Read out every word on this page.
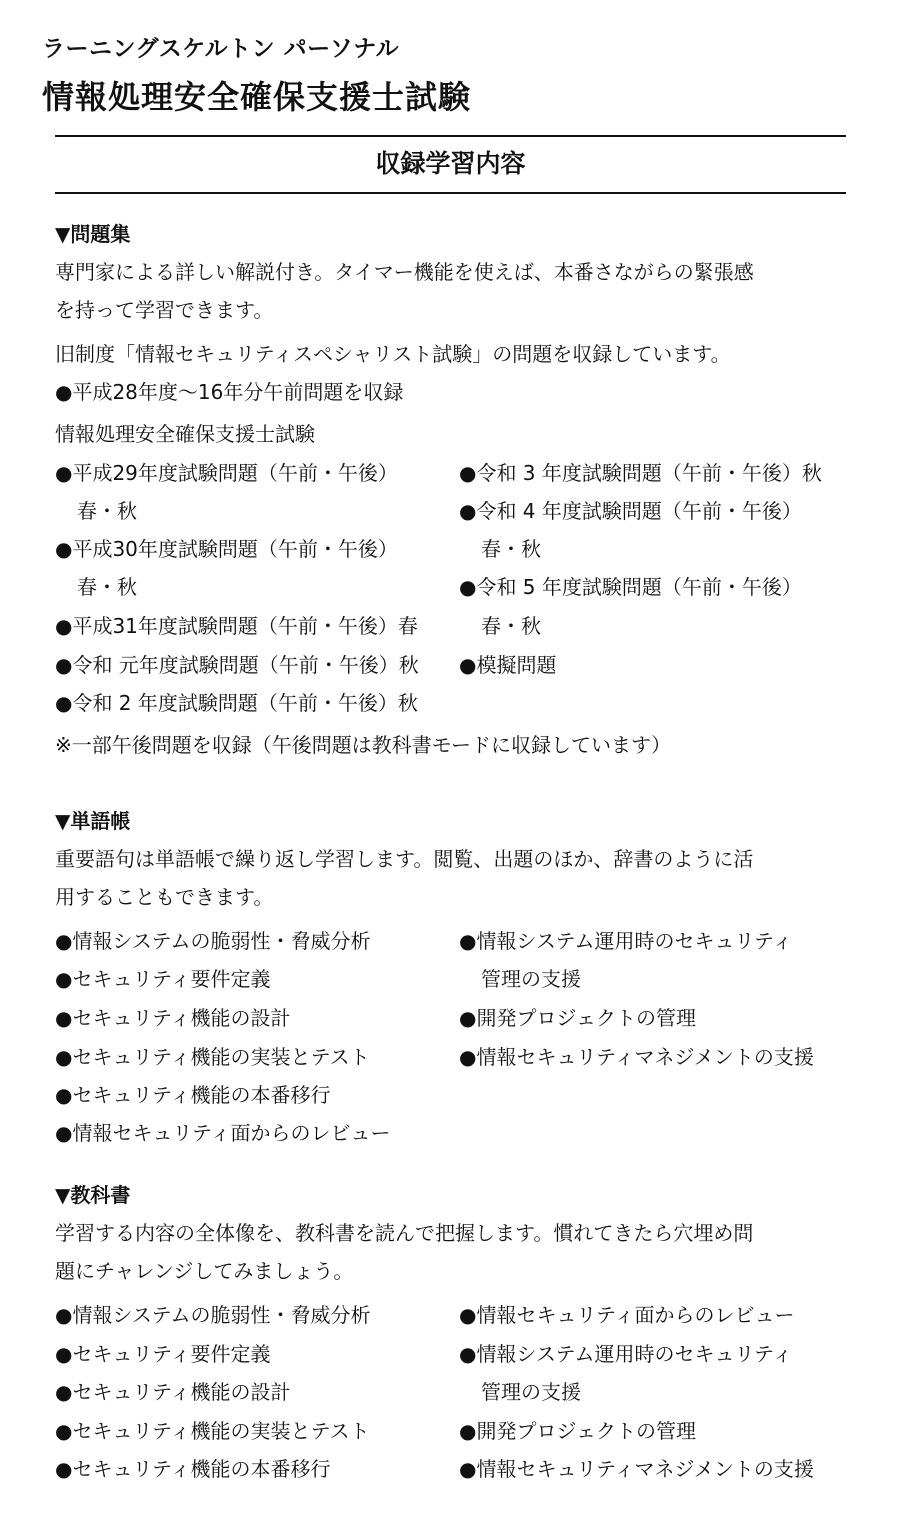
ラーニングスケルトン パーソナル
情報処理安全確保支援士試験
収録学習内容
▼問題集
専門家による詳しい解説付き。タイマー機能を使えば、本番さながらの緊張感
を持って学習できます。
旧制度「情報セキュリティスペシャリスト試験」の問題を収録しています。
●平成28年度～16年分午前問題を収録
情報処理安全確保支援士試験
●平成29年度試験問題（午前・午後）
春・秋
●平成30年度試験問題（午前・午後）
春・秋
●平成31年度試験問題（午前・午後）春
●令和 元年度試験問題（午前・午後）秋
●令和 2 年度試験問題（午前・午後）秋
●令和 3 年度試験問題（午前・午後）秋
●令和 4 年度試験問題（午前・午後）
春・秋
●令和 5 年度試験問題（午前・午後）
春・秋
●模擬問題
※一部午後問題を収録（午後問題は教科書モードに収録しています）
▼単語帳
重要語句は単語帳で繰り返し学習します。閲覧、出題のほか、辞書のように活
用することもできます。
●情報システムの脆弱性・脅威分析
●セキュリティ要件定義
●セキュリティ機能の設計
●セキュリティ機能の実装とテスト
●セキュリティ機能の本番移行
●情報セキュリティ面からのレビュー
●情報システム運用時のセキュリティ
管理の支援
●開発プロジェクトの管理
●情報セキュリティマネジメントの支援
▼教科書
学習する内容の全体像を、教科書を読んで把握します。慣れてきたら穴埋め問
題にチャレンジしてみましょう。
●情報システムの脆弱性・脅威分析
●セキュリティ要件定義
●セキュリティ機能の設計
●セキュリティ機能の実装とテスト
●セキュリティ機能の本番移行
●情報セキュリティ面からのレビュー
●情報システム運用時のセキュリティ
管理の支援
●開発プロジェクトの管理
●情報セキュリティマネジメントの支援
